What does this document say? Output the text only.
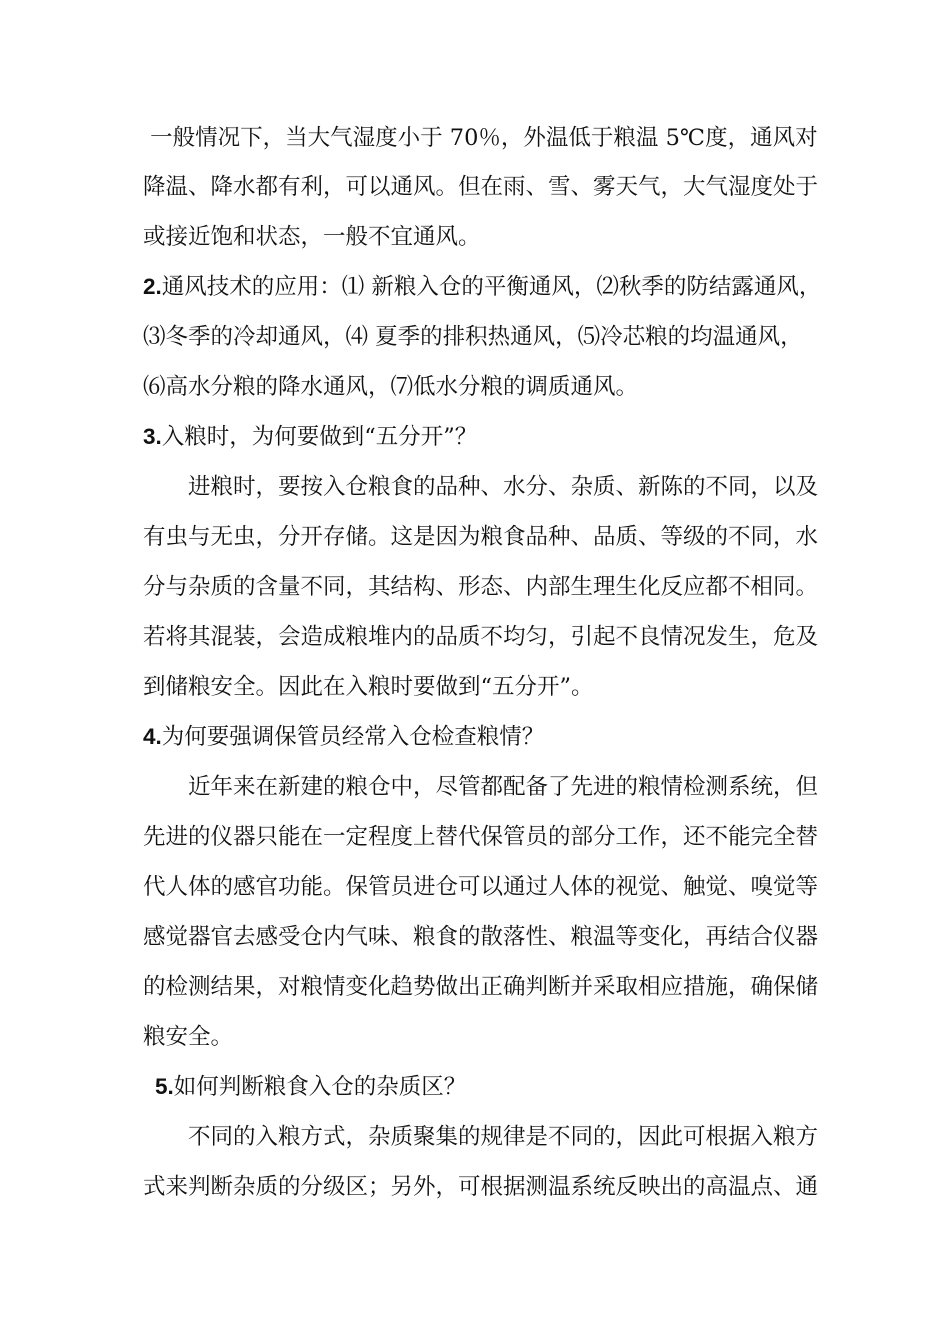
一般情况下，当大气湿度小于 70％，外温低于粮温 5℃度，通风对
降温、降水都有利，可以通风。但在雨、雪、雾天气，大气湿度处于
或接近饱和状态，一般不宜通风。
2.通风技术的应用：⑴ 新粮入仓的平衡通风，⑵秋季的防结露通风，
⑶冬季的冷却通风，⑷ 夏季的排积热通风，⑸冷芯粮的均温通风，
⑹高水分粮的降水通风，⑺低水分粮的调质通风。
3.入粮时，为何要做到“五分开”？
进粮时，要按入仓粮食的品种、水分、杂质、新陈的不同，以及
有虫与无虫，分开存储。这是因为粮食品种、品质、等级的不同，水
分与杂质的含量不同，其结构、形态、内部生理生化反应都不相同。
若将其混装，会造成粮堆内的品质不均匀，引起不良情况发生，危及
到储粮安全。因此在入粮时要做到“五分开”。
4.为何要强调保管员经常入仓检查粮情？
近年来在新建的粮仓中，尽管都配备了先进的粮情检测系统，但
先进的仪器只能在一定程度上替代保管员的部分工作，还不能完全替
代人体的感官功能。保管员进仓可以通过人体的视觉、触觉、嗅觉等
感觉器官去感受仓内气味、粮食的散落性、粮温等变化，再结合仪器
的检测结果，对粮情变化趋势做出正确判断并采取相应措施，确保储
粮安全。
5.如何判断粮食入仓的杂质区？
不同的入粮方式，杂质聚集的规律是不同的，因此可根据入粮方
式来判断杂质的分级区；另外，可根据测温系统反映出的高温点、通
